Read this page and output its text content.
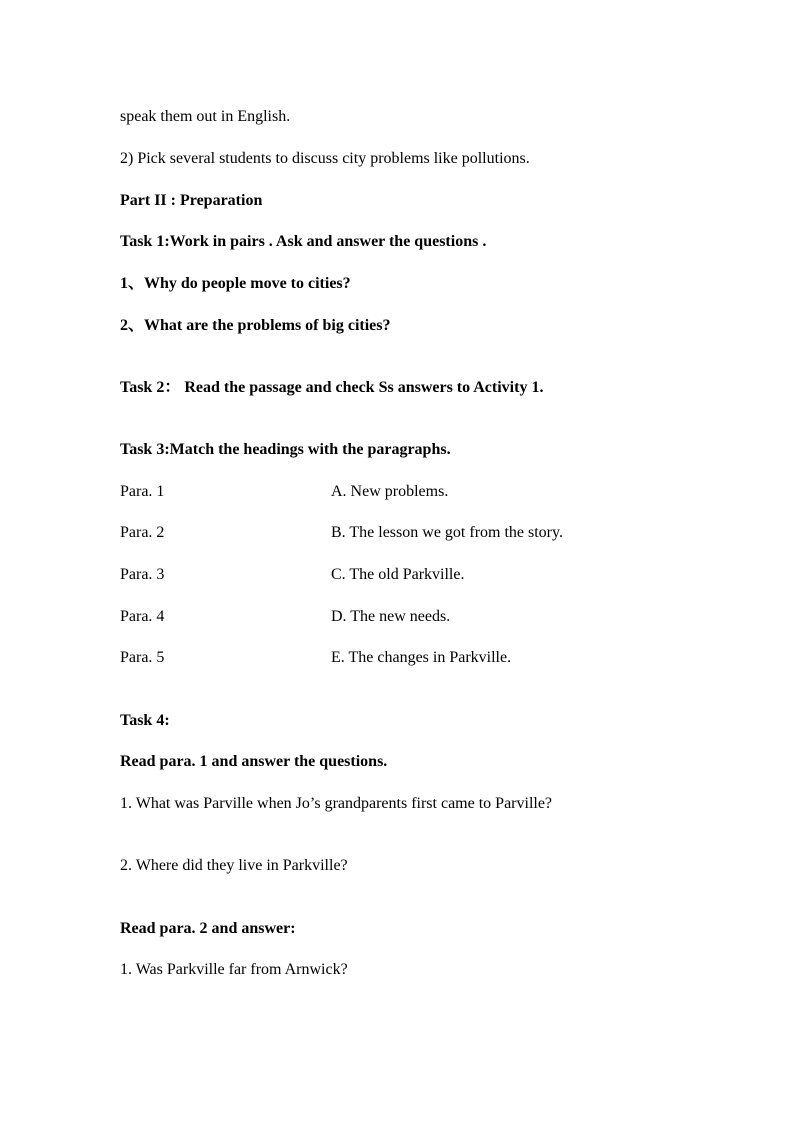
speak them out in English.
2) Pick several students to discuss city problems like pollutions.
Part II : Preparation
Task 1:Work in pairs . Ask and answer the questions .
1、Why do people move to cities?
2、What are the problems of big cities?
Task 2： Read the passage and check Ss answers to Activity 1.
Task 3:Match the headings with the paragraphs.
Para. 1	A. New problems.
Para. 2	B. The lesson we got from the story.
Para. 3	C. The old Parkville.
Para. 4	D. The new needs.
Para. 5	E. The changes in Parkville.
Task 4:
Read para. 1 and answer the questions.
1. What was Parville when Jo’s grandparents first came to Parville?
2. Where did they live in Parkville?
Read para. 2 and answer:
1. Was Parkville far from Arnwick?
